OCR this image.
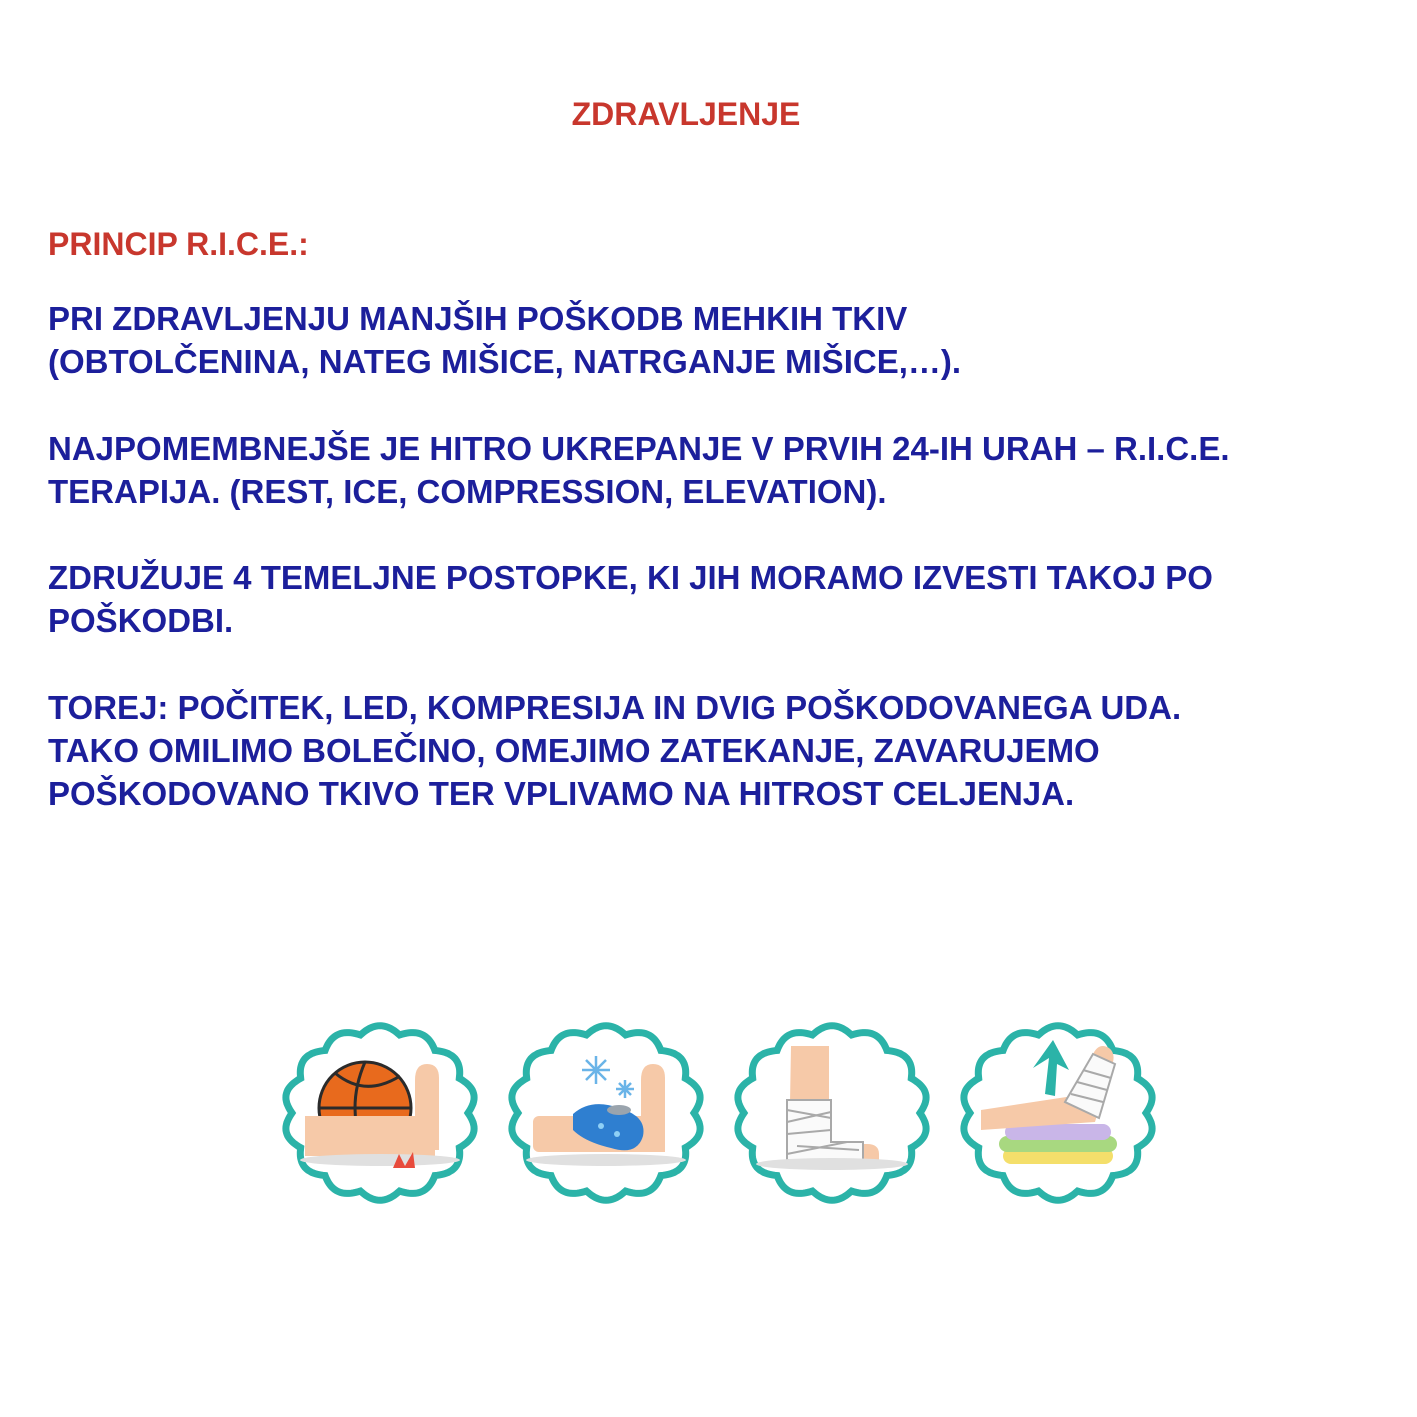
ZDRAVLJENJE
PRINCIP R.I.C.E.:
PRI ZDRAVLJENJU MANJŠIH POŠKODB MEHKIH TKIV
(OBTOLČENINA, NATEG MIŠICE, NATRGANJE MIŠICE,…).
NAJPOMEMBNEJŠE JE HITRO UKREPANJE V PRVIH 24-IH URAH – R.I.C.E.
TERAPIJA. (REST, ICE, COMPRESSION, ELEVATION).
ZDRUŽUJE 4 TEMELJNE POSTOPKE, KI JIH MORAMO IZVESTI TAKOJ PO
POŠKODBI.
TOREJ: POČITEK, LED, KOMPRESIJA IN DVIG POŠKODOVANEGA UDA.
TAKO OMILIMO BOLEČINO, OMEJIMO ZATEKANJE, ZAVARUJEMO
POŠKODOVANO TKIVO TER VPLIVAMO NA HITROST CELJENJA.
